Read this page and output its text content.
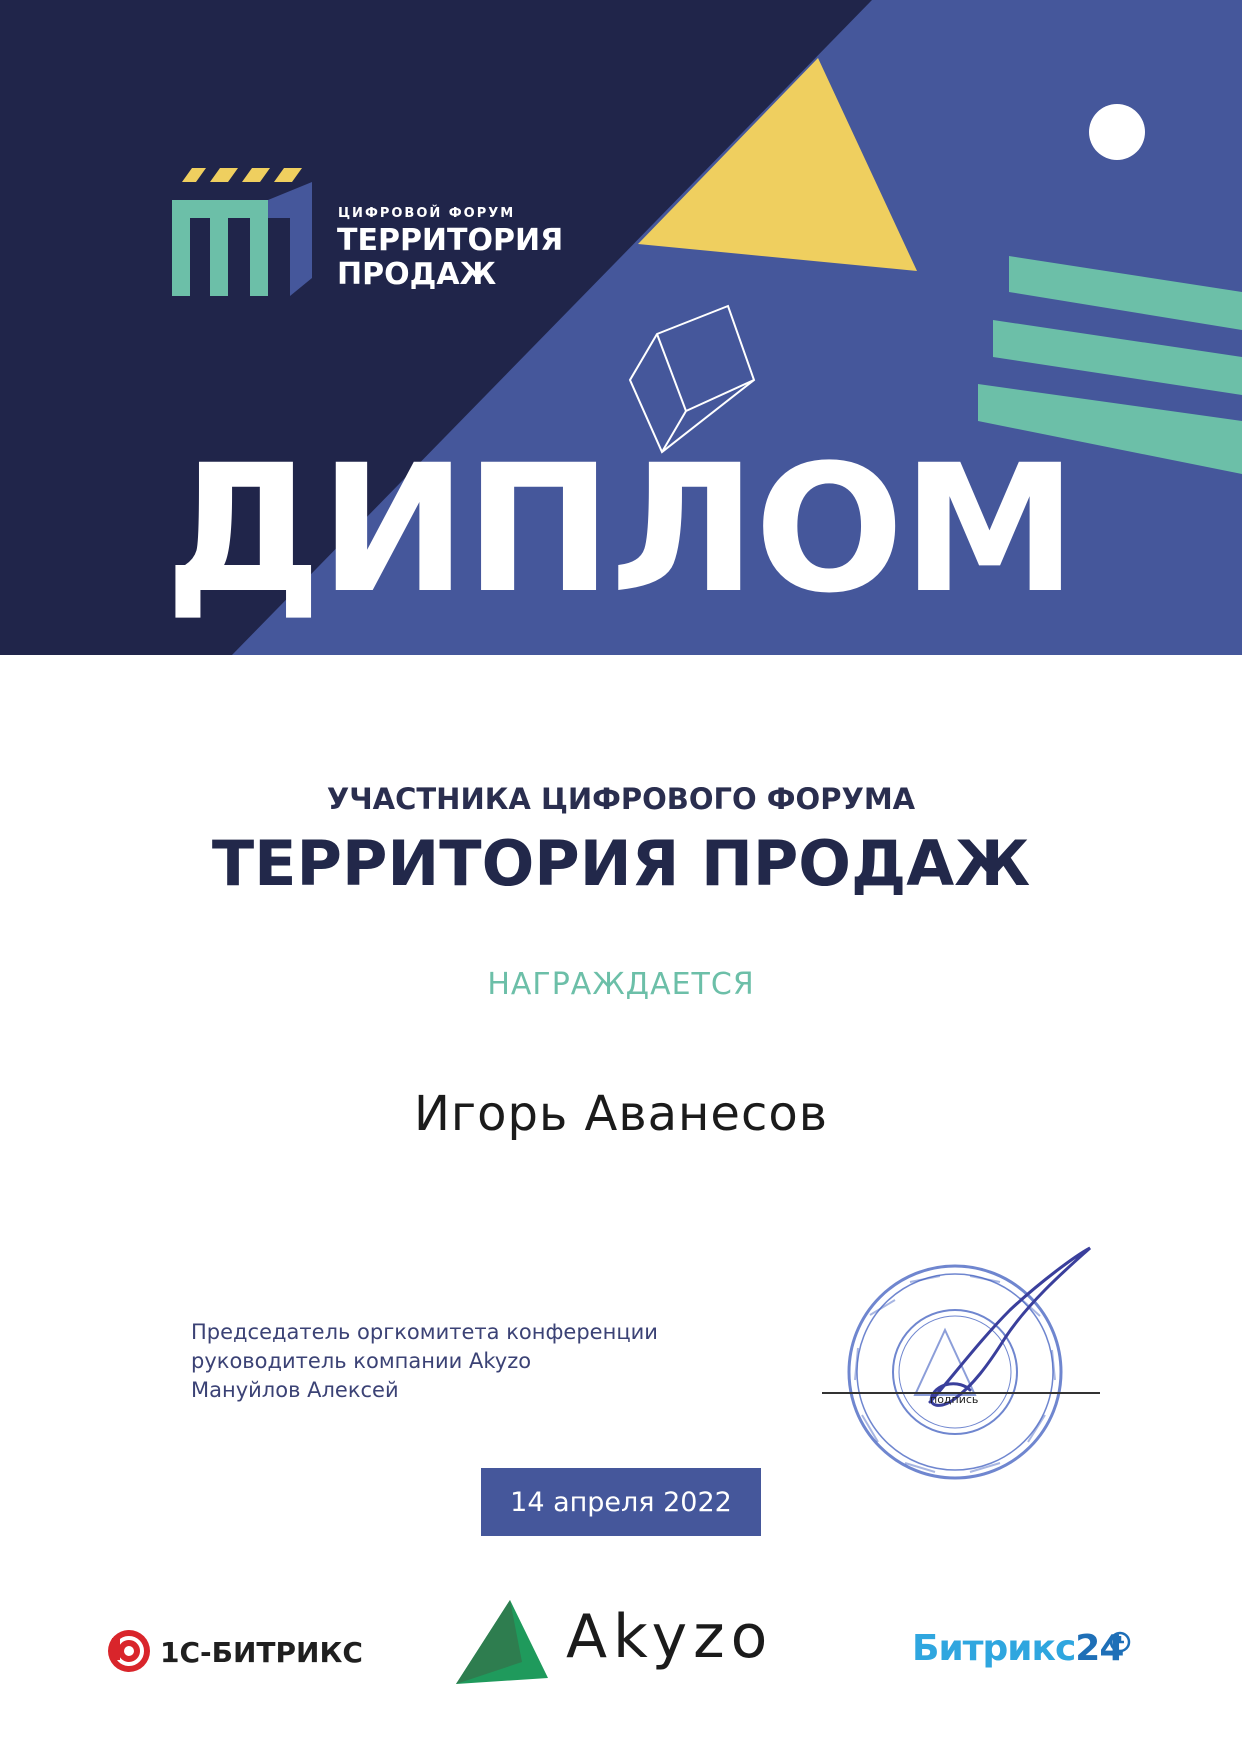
ЦИФРОВОЙ ФОРУМ
ТЕРРИТОРИЯ
ПРОДАЖ
ДИПЛОМ
УЧАСТНИКА ЦИФРОВОГО ФОРУМА
ТЕРРИТОРИЯ ПРОДАЖ
НАГРАЖДАЕТСЯ
Игорь Аванесов
Председатель оргкомитета конференции
руководитель компании Akyzo
Мануйлов Алексей	подпись
14 апреля 2022
1С-БИТРИКС	Akyzo	Битрикс24
